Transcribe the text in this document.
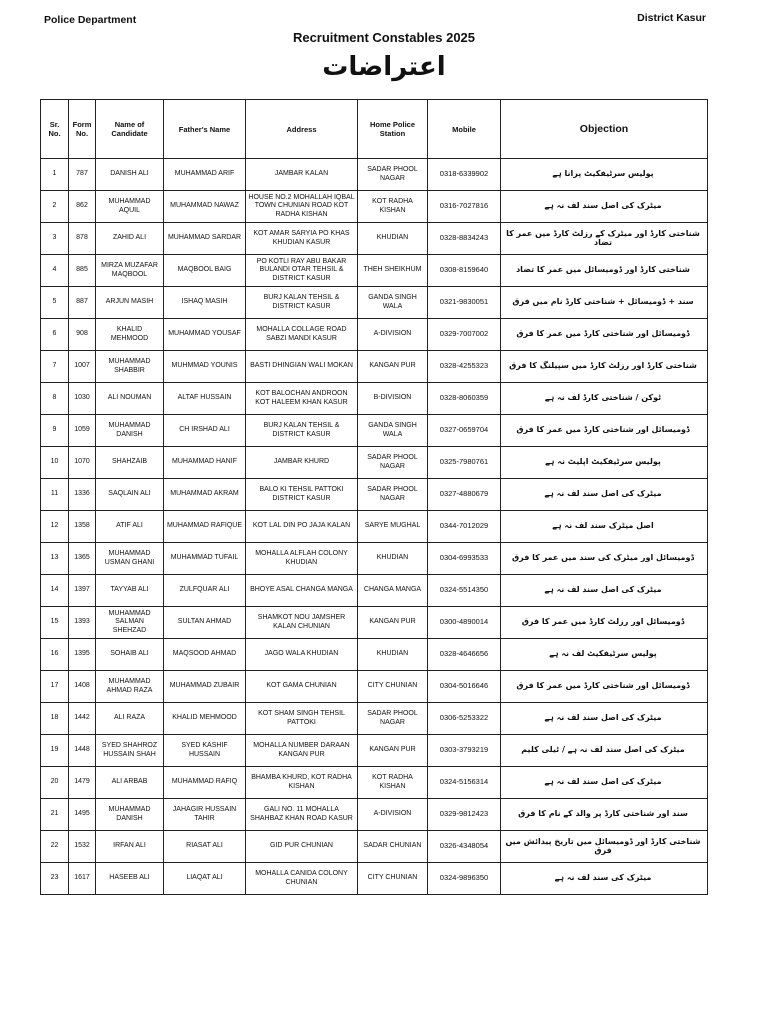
Police Department	District Kasur
Recruitment Constables 2025
اعتراضات
Sr. No.	Form No.	Name of Candidate	Father's Name	Address	Home Police Station	Mobile	Objection
1	787	DANISH ALI	MUHAMMAD ARIF	JAMBAR KALAN	SADAR PHOOL NAGAR	0318-6339902	پولیس سرٹیفکیٹ پرانا ہے
2	862	MUHAMMAD AQUIL	MUHAMMAD NAWAZ	HOUSE NO.2 MOHALLAH IQBAL TOWN CHUNIAN ROAD KOT RADHA KISHAN	KOT RADHA KISHAN	0316-7027816	میٹرک کی اصل سند لف نہ ہے
3	878	ZAHID ALI	MUHAMMAD SARDAR	KOT AMAR SARYIA PO KHAS KHUDIAN KASUR	KHUDIAN	0328-8834243	شناختی کارڈ اور میٹرک کے رزلٹ کارڈ میں عمر کا تضاد
4	885	MIRZA MUZAFAR MAQBOOL	MAQBOOL BAIG	PO KOTLI RAY ABU BAKAR BULANDI OTAR TEHSIL & DISTRICT KASUR	THEH SHEIKHUM	0308-8159640	شناختی کارڈ اور ڈومیسائل میں عمر کا تضاد
5	887	ARJUN MASIH	ISHAQ MASIH	BURJ KALAN TEHSIL & DISTRICT KASUR	GANDA SINGH WALA	0321-9830051	سند + ڈومیسائل + شناختی کارڈ نام میں فرق
6	908	KHALID MEHMOOD	MUHAMMAD YOUSAF	MOHALLA COLLAGE ROAD SABZI MANDI KASUR	A-DIVISION	0329-7007002	ڈومیسائل اور شناختی کارڈ میں عمر کا فرق
7	1007	MUHAMMAD SHABBIR	MUHMMAD YOUNIS	BASTI DHINGIAN WALI MOKAN	KANGAN PUR	0328-4255323	شناختی کارڈ اور رزلٹ کارڈ میں سپیلنگ کا فرق
8	1030	ALI NOUMAN	ALTAF HUSSAIN	KOT BALOCHAN ANDROON KOT HALEEM KHAN KASUR	B-DIVISION	0328-8060359	ٹوکن / شناختی کارڈ لف نہ ہے
9	1059	MUHAMMAD DANISH	CH IRSHAD ALI	BURJ KALAN TEHSIL & DISTRICT KASUR	GANDA SINGH WALA	0327-0659704	ڈومیسائل اور شناختی کارڈ میں عمر کا فرق
10	1070	SHAHZAIB	MUHAMMAD HANIF	JAMBAR KHURD	SADAR PHOOL NAGAR	0325-7980761	پولیس سرٹیفکیٹ اپلیٹ نہ ہے
11	1336	SAQLAIN ALI	MUHAMMAD AKRAM	BALO KI TEHSIL PATTOKI DISTRICT KASUR	SADAR PHOOL NAGAR	0327-4880679	میٹرک کی اصل سند لف نہ ہے
12	1358	ATIF ALI	MUHAMMAD RAFIQUE	KOT LAL DIN PO JAJA KALAN	SARYE MUGHAL	0344-7012029	اصل میٹرک سند لف نہ ہے
13	1365	MUHAMMAD USMAN GHANI	MUHAMMAD TUFAIL	MOHALLA ALFLAH COLONY KHUDIAN	KHUDIAN	0304-6993533	ڈومیسائل اور میٹرک کی سند میں عمر کا فرق
14	1397	TAYYAB ALI	ZULFQUAR ALI	BHOYE ASAL CHANGA MANGA	CHANGA MANGA	0324-5514350	میٹرک کی اصل سند لف نہ ہے
15	1393	MUHAMMAD SALMAN SHEHZAD	SULTAN AHMAD	SHAMKOT NOU JAMSHER KALAN CHUNIAN	KANGAN PUR	0300-4890014	ڈومیسائل اور رزلٹ کارڈ میں عمر کا فرق
16	1395	SOHAIB ALI	MAQSOOD AHMAD	JAGO WALA KHUDIAN	KHUDIAN	0328-4646656	پولیس سرٹیفکیٹ لف نہ ہے
17	1408	MUHAMMAD AHMAD RAZA	MUHAMMAD ZUBAIR	KOT GAMA CHUNIAN	CITY CHUNIAN	0304-5016646	ڈومیسائل اور شناختی کارڈ میں عمر کا فرق
18	1442	ALI RAZA	KHALID MEHMOOD	KOT SHAM SINGH TEHSIL PATTOKI	SADAR PHOOL NAGAR	0306-5253322	میٹرک کی اصل سند لف نہ ہے
19	1448	SYED SHAHROZ HUSSAIN SHAH	SYED KASHIF HUSSAIN	MOHALLA NUMBER DARAAN KANGAN PUR	KANGAN PUR	0303-3793219	میٹرک کی اصل سند لف نہ ہے / ٹیلی کلیم
20	1479	ALI ARBAB	MUHAMMAD RAFIQ	BHAMBA KHURD, KOT RADHA KISHAN	KOT RADHA KISHAN	0324-5156314	میٹرک کی اصل سند لف نہ ہے
21	1495	MUHAMMAD DANISH	JAHAGIR HUSSAIN TAHIR	GALI NO. 11 MOHALLA SHAHBAZ KHAN ROAD KASUR	A-DIVISION	0329-9812423	سند اور شناختی کارڈ پر والد کے نام کا فرق
22	1532	IRFAN ALI	RIASAT ALI	GID PUR CHUNIAN	SADAR CHUNIAN	0326-4348054	شناختی کارڈ اور ڈومیسائل میں تاریخ پیدائش میں فرق
23	1617	HASEEB ALI	LIAQAT ALI	MOHALLA CANIDA COLONY CHUNIAN	CITY CHUNIAN	0324-9896350	میٹرک کی سند لف نہ ہے
